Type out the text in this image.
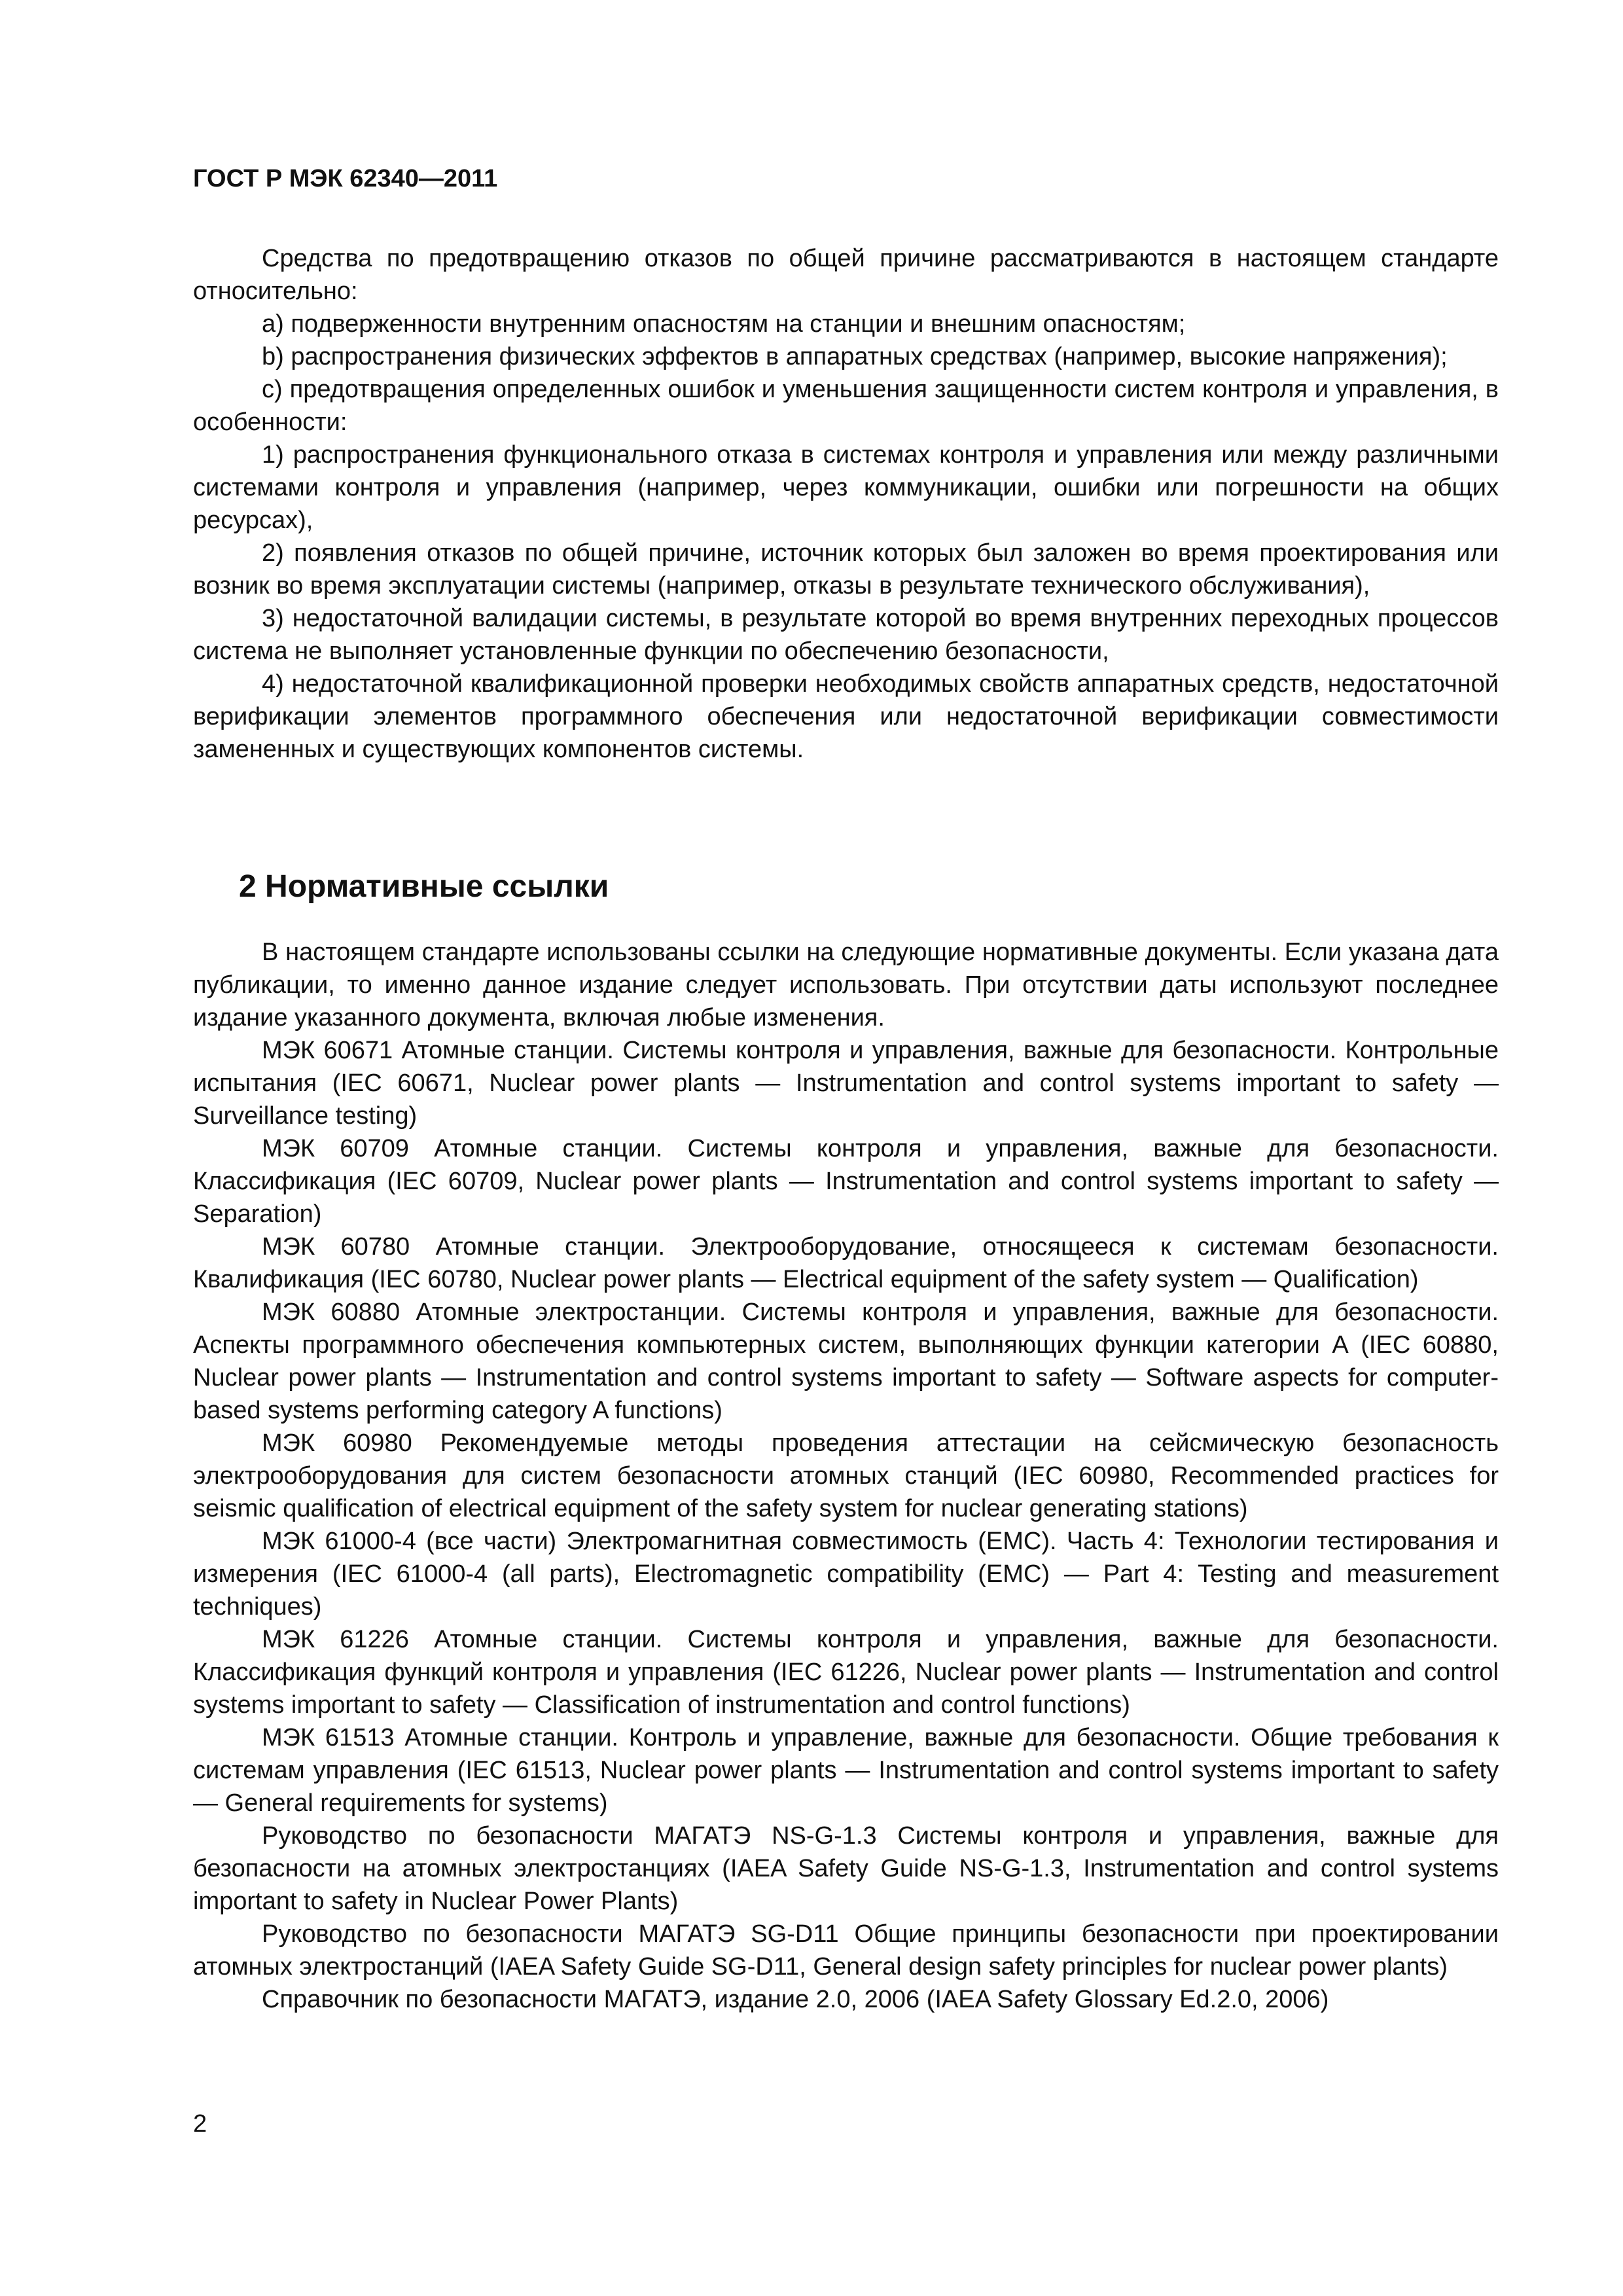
ГОСТ Р МЭК 62340—2011

Средства по предотвращению отказов по общей причине рассматриваются в настоящем стандарте относительно:

a) подверженности внутренним опасностям на станции и внешним опасностям;

b) распространения физических эффектов в аппаратных средствах (например, высокие напряжения);

c) предотвращения определенных ошибок и уменьшения защищенности систем контроля и управления, в особенности:

1) распространения функционального отказа в системах контроля и управления или между различными системами контроля и управления (например, через коммуникации, ошибки или погрешности на общих ресурсах),

2) появления отказов по общей причине, источник которых был заложен во время проектирования или возник во время эксплуатации системы (например, отказы в результате технического обслуживания),

3) недостаточной валидации системы, в результате которой во время внутренних переходных процессов система не выполняет установленные функции по обеспечению безопасности,

4) недостаточной квалификационной проверки необходимых свойств аппаратных средств, недостаточной верификации элементов программного обеспечения или недостаточной верификации совместимости замененных и существующих компонентов системы.

2 Нормативные ссылки

В настоящем стандарте использованы ссылки на следующие нормативные документы. Если указана дата публикации, то именно данное издание следует использовать. При отсутствии даты используют последнее издание указанного документа, включая любые изменения.

МЭК 60671 Атомные станции. Системы контроля и управления, важные для безопасности. Контрольные испытания (IEC 60671, Nuclear power plants — Instrumentation and control systems important to safety — Surveillance testing)

МЭК 60709 Атомные станции. Системы контроля и управления, важные для безопасности. Классификация (IEC 60709, Nuclear power plants — Instrumentation and control systems important to safety — Separation)

МЭК 60780 Атомные станции. Электрооборудование, относящееся к системам безопасности. Квалификация (IEC 60780, Nuclear power plants — Electrical equipment of the safety system — Qualification)

МЭК 60880 Атомные электростанции. Системы контроля и управления, важные для безопасности. Аспекты программного обеспечения компьютерных систем, выполняющих функции категории А (IEC 60880, Nuclear power plants — Instrumentation and control systems important to safety — Software aspects for computer-based systems performing category A functions)

МЭК 60980 Рекомендуемые методы проведения аттестации на сейсмическую безопасность электрооборудования для систем безопасности атомных станций (IEC 60980, Recommended practices for seismic qualification of electrical equipment of the safety system for nuclear generating stations)

МЭК 61000-4 (все части) Электромагнитная совместимость (EMC). Часть 4: Технологии тестирования и измерения (IEC 61000-4 (all parts), Electromagnetic compatibility (EMC) — Part 4: Testing and measurement techniques)

МЭК 61226 Атомные станции. Системы контроля и управления, важные для безопасности. Классификация функций контроля и управления (IEC 61226, Nuclear power plants — Instrumentation and control systems important to safety — Classification of instrumentation and control functions)

МЭК 61513 Атомные станции. Контроль и управление, важные для безопасности. Общие требования к системам управления (IEC 61513, Nuclear power plants — Instrumentation and control systems important to safety — General requirements for systems)

Руководство по безопасности МАГАТЭ NS-G-1.3 Системы контроля и управления, важные для безопасности на атомных электростанциях (IAEA Safety Guide NS-G-1.3, Instrumentation and control systems important to safety in Nuclear Power Plants)

Руководство по безопасности МАГАТЭ SG-D11 Общие принципы безопасности при проектировании атомных электростанций (IAEA Safety Guide SG-D11, General design safety principles for nuclear power plants)

Справочник по безопасности МАГАТЭ, издание 2.0, 2006 (IAEA Safety Glossary Ed.2.0, 2006)

2
